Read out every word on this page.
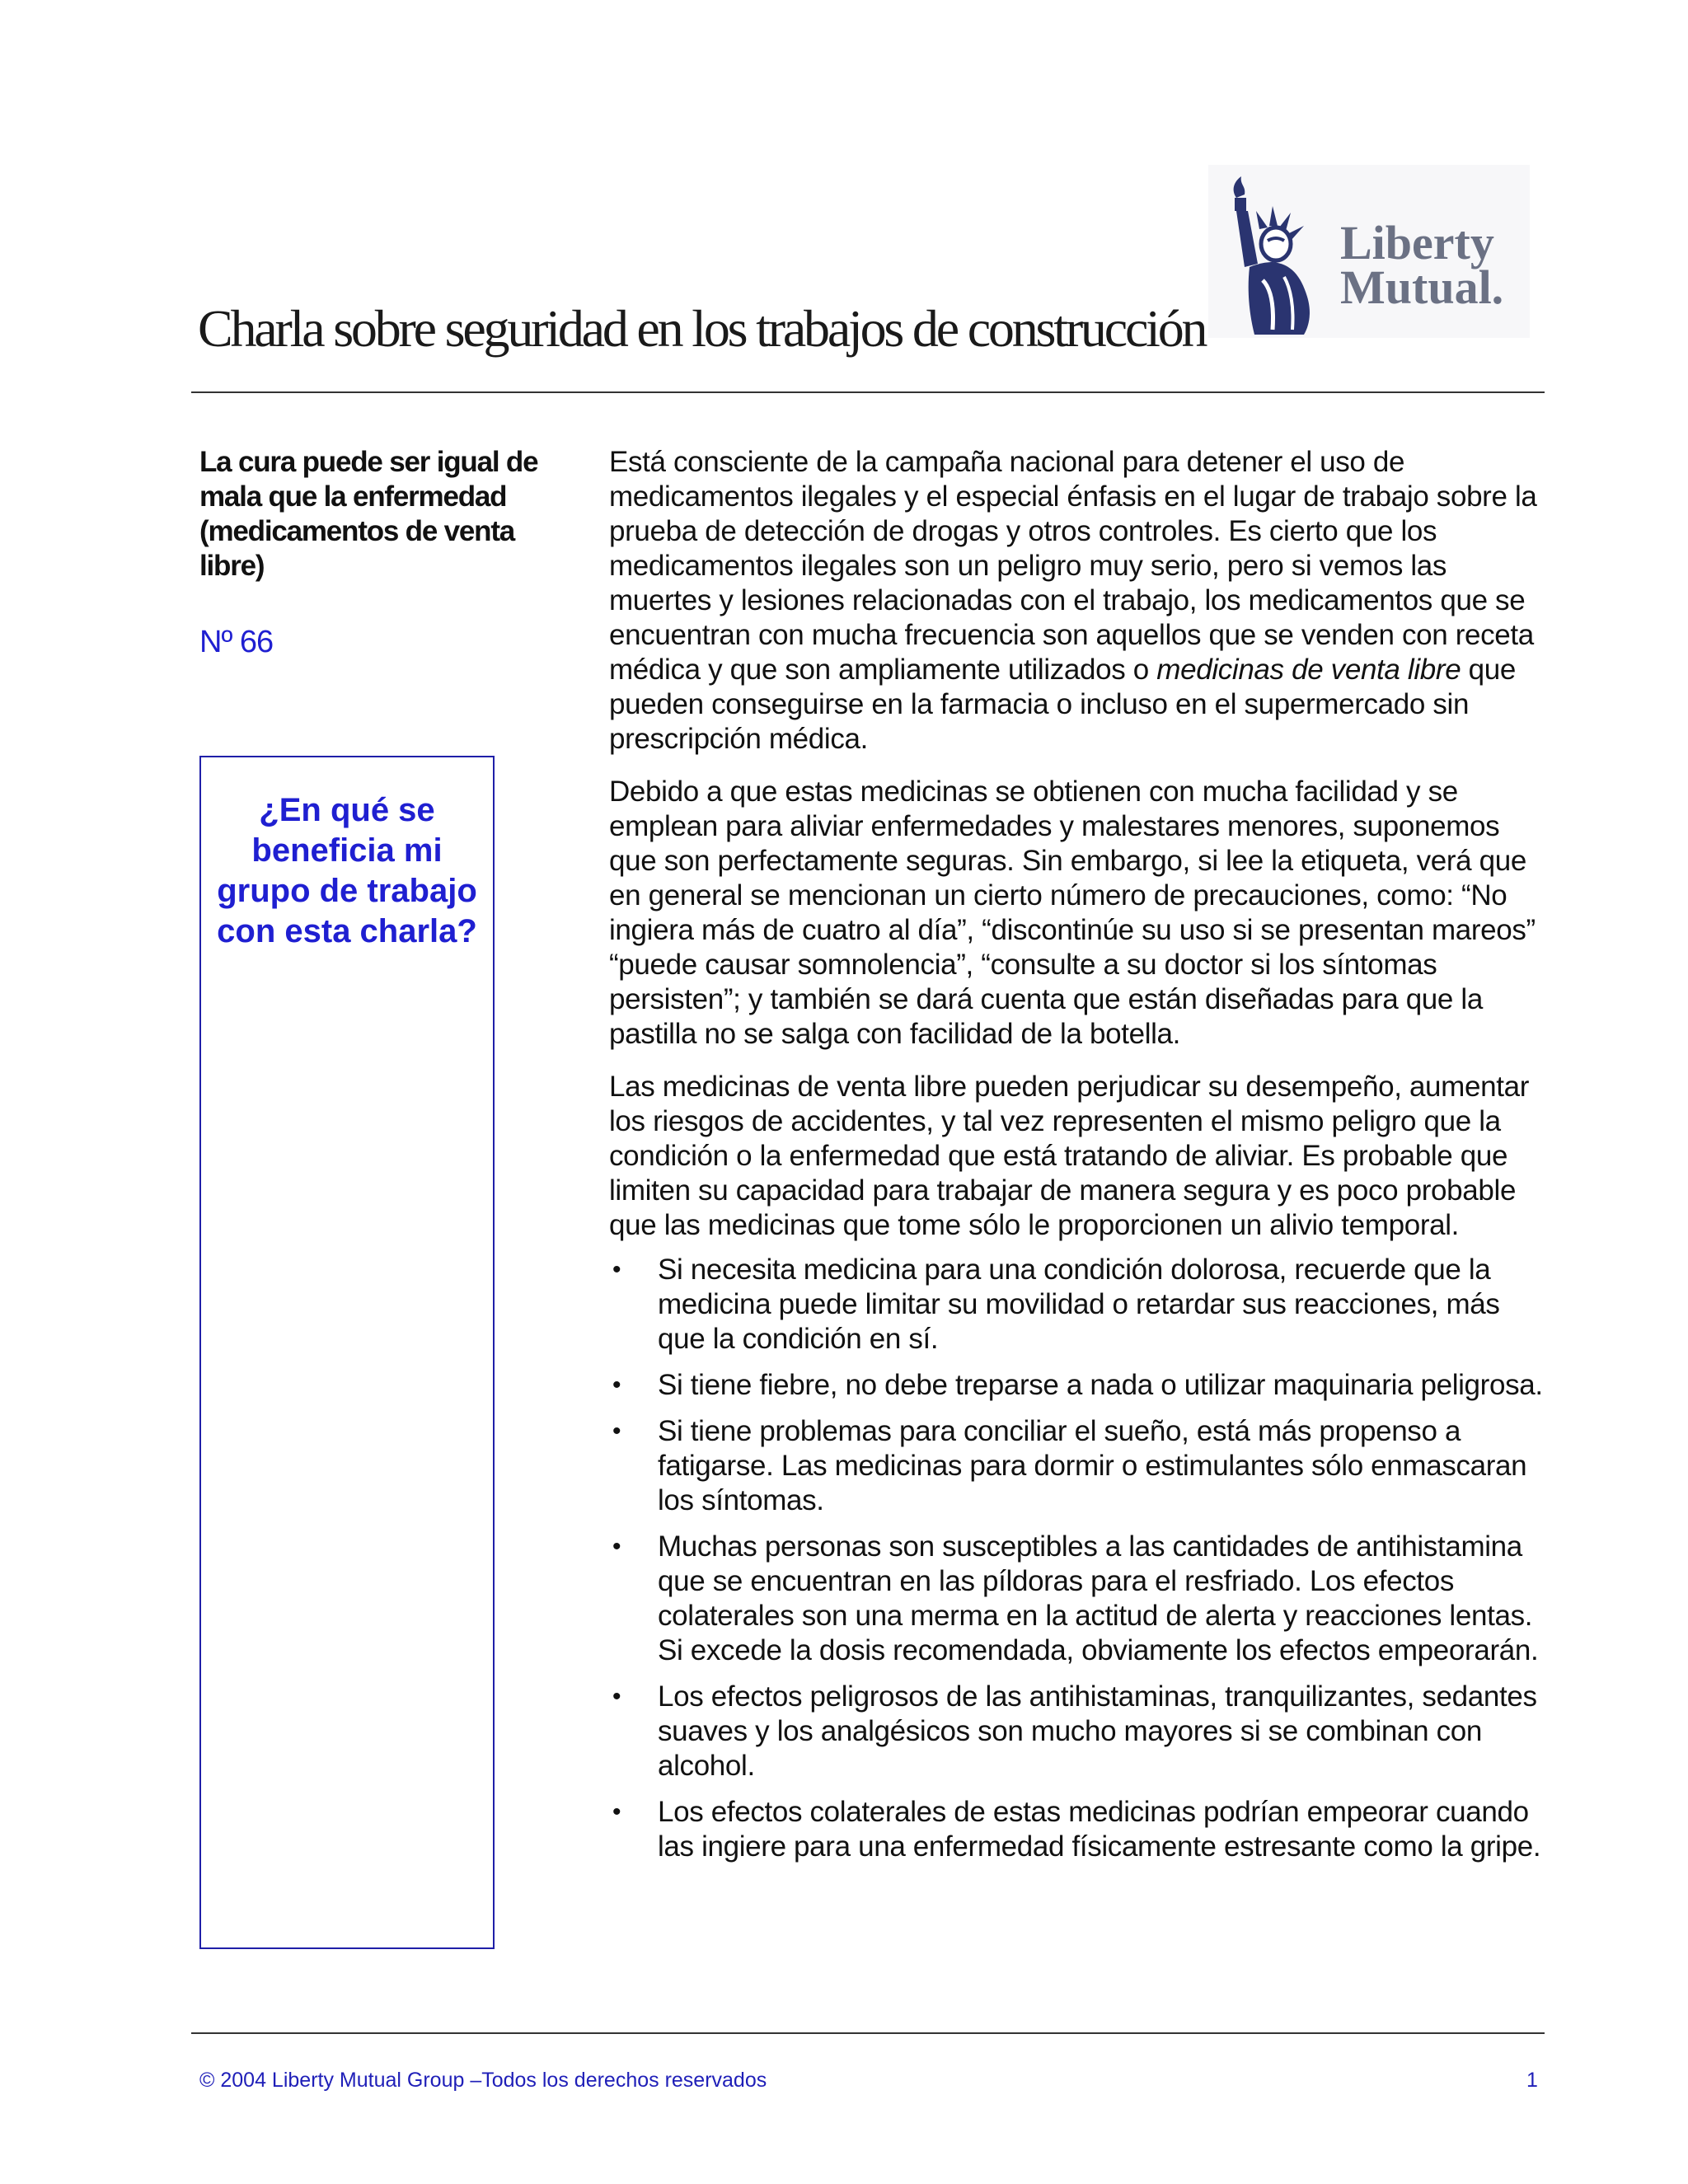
Charla sobre seguridad en los trabajos de construcción
Liberty
Mutual.
La cura puede ser igual de mala que la enfermedad (medicamentos de venta libre)
Nº 66
¿En qué se beneficia mi grupo de trabajo con esta charla?

Está consciente de la campaña nacional para detener el uso de medicamentos ilegales y el especial énfasis en el lugar de trabajo sobre la prueba de detección de drogas y otros controles. Es cierto que los medicamentos ilegales son un peligro muy serio, pero si vemos las muertes y lesiones relacionadas con el trabajo, los medicamentos que se encuentran con mucha frecuencia son aquellos que se venden con receta médica y que son ampliamente utilizados o medicinas de venta libre que pueden conseguirse en la farmacia o incluso en el supermercado sin prescripción médica.

Debido a que estas medicinas se obtienen con mucha facilidad y se emplean para aliviar enfermedades y malestares menores, suponemos que son perfectamente seguras. Sin embargo, si lee la etiqueta, verá que en general se mencionan un cierto número de precauciones, como: “No ingiera más de cuatro al día”, “discontinúe su uso si se presentan mareos” “puede causar somnolencia”, “consulte a su doctor si los síntomas persisten”; y también se dará cuenta que están diseñadas para que la pastilla no se salga con facilidad de la botella.

Las medicinas de venta libre pueden perjudicar su desempeño, aumentar los riesgos de accidentes, y tal vez representen el mismo peligro que la condición o la enfermedad que está tratando de aliviar. Es probable que limiten su capacidad para trabajar de manera segura y es poco probable que las medicinas que tome sólo le proporcionen un alivio temporal.

• Si necesita medicina para una condición dolorosa, recuerde que la medicina puede limitar su movilidad o retardar sus reacciones, más que la condición en sí.
• Si tiene fiebre, no debe treparse a nada o utilizar maquinaria peligrosa.
• Si tiene problemas para conciliar el sueño, está más propenso a fatigarse. Las medicinas para dormir o estimulantes sólo enmascaran los síntomas.
• Muchas personas son susceptibles a las cantidades de antihistamina que se encuentran en las píldoras para el resfriado. Los efectos colaterales son una merma en la actitud de alerta y reacciones lentas. Si excede la dosis recomendada, obviamente los efectos empeorarán.
• Los efectos peligrosos de las antihistaminas, tranquilizantes, sedantes suaves y los analgésicos son mucho mayores si se combinan con alcohol.
• Los efectos colaterales de estas medicinas podrían empeorar cuando las ingiere para una enfermedad físicamente estresante como la gripe.
© 2004 Liberty Mutual Group –Todos los derechos reservados	1
